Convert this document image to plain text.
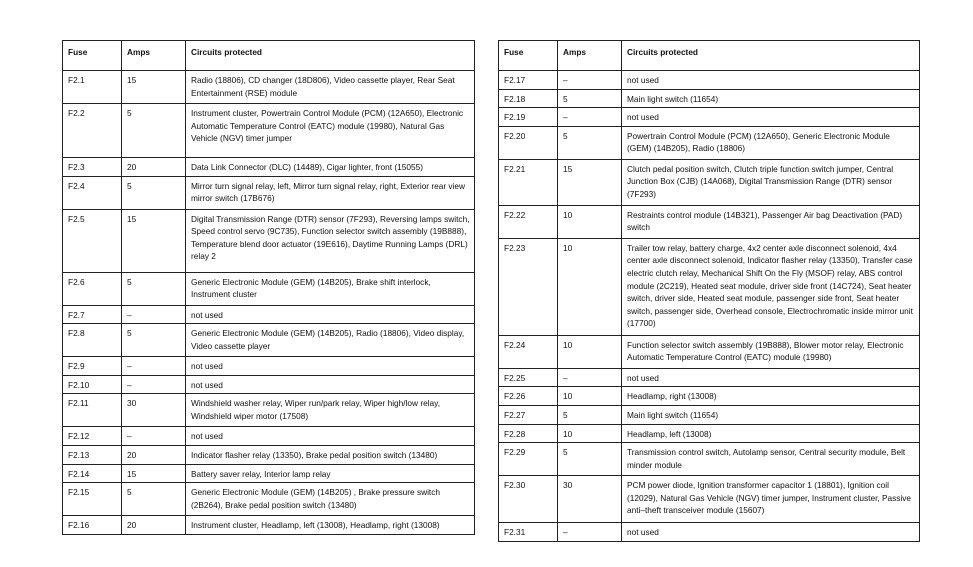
Fuse	Amps	Circuits protected
F2.1	15	Radio (18806), CD changer (18D806), Video cassette player, Rear Seat Entertainment (RSE) module
F2.2	5	Instrument cluster, Powertrain Control Module (PCM) (12A650), Electronic Automatic Temperature Control (EATC) module (19980), Natural Gas Vehicle (NGV) timer jumper
F2.3	20	Data Link Connector (DLC) (14489), Cigar lighter, front (15055)
F2.4	5	Mirror turn signal relay, left, Mirror turn signal relay, right, Exterior rear view mirror switch (17B676)
F2.5	15	Digital Transmission Range (DTR) sensor (7F293), Reversing lamps switch, Speed control servo (9C735), Function selector switch assembly (19B888), Temperature blend door actuator (19E616), Daytime Running Lamps (DRL) relay 2
F2.6	5	Generic Electronic Module (GEM) (14B205), Brake shift interlock, Instrument cluster
F2.7	–	not used
F2.8	5	Generic Electronic Module (GEM) (14B205), Radio (18806), Video display, Video cassette player
F2.9	–	not used
F2.10	–	not used
F2.11	30	Windshield washer relay, Wiper run/park relay, Wiper high/low relay, Windshield wiper motor (17508)
F2.12	–	not used
F2.13	20	Indicator flasher relay (13350), Brake pedal position switch (13480)
F2.14	15	Battery saver relay, Interior lamp relay
F2.15	5	Generic Electronic Module (GEM) (14B205) , Brake pressure switch (2B264), Brake pedal position switch (13480)
F2.16	20	Instrument cluster, Headlamp, left (13008), Headlamp, right (13008)
Fuse	Amps	Circuits protected
F2.17	–	not used
F2.18	5	Main light switch (11654)
F2.19	–	not used
F2.20	5	Powertrain Control Module (PCM) (12A650), Generic Electronic Module (GEM) (14B205), Radio (18806)
F2.21	15	Clutch pedal position switch, Clutch triple function switch jumper, Central Junction Box (CJB) (14A068), Digital Transmission Range (DTR) sensor (7F293)
F2.22	10	Restraints control module (14B321), Passenger Air bag Deactivation (PAD) switch
F2.23	10	Trailer tow relay, battery charge, 4x2 center axle disconnect solenoid, 4x4 center axle disconnect solenoid, Indicator flasher relay (13350), Transfer case electric clutch relay, Mechanical Shift On the Fly (MSOF) relay, ABS control module (2C219), Heated seat module, driver side front (14C724), Seat heater switch, driver side, Heated seat module, passenger side front, Seat heater switch, passenger side, Overhead console, Electrochromatic inside mirror unit (17700)
F2.24	10	Function selector switch assembly (19B888), Blower motor relay, Electronic Automatic Temperature Control (EATC) module (19980)
F2.25	–	not used
F2.26	10	Headlamp, right (13008)
F2.27	5	Main light switch (11654)
F2.28	10	Headlamp, left (13008)
F2.29	5	Transmission control switch, Autolamp sensor, Central security module, Belt minder module
F2.30	30	PCM power diode, Ignition transformer capacitor 1 (18801), Ignition coil (12029), Natural Gas Vehicle (NGV) timer jumper, Instrument cluster, Passive anti–theft transceiver module (15607)
F2.31	–	not used
